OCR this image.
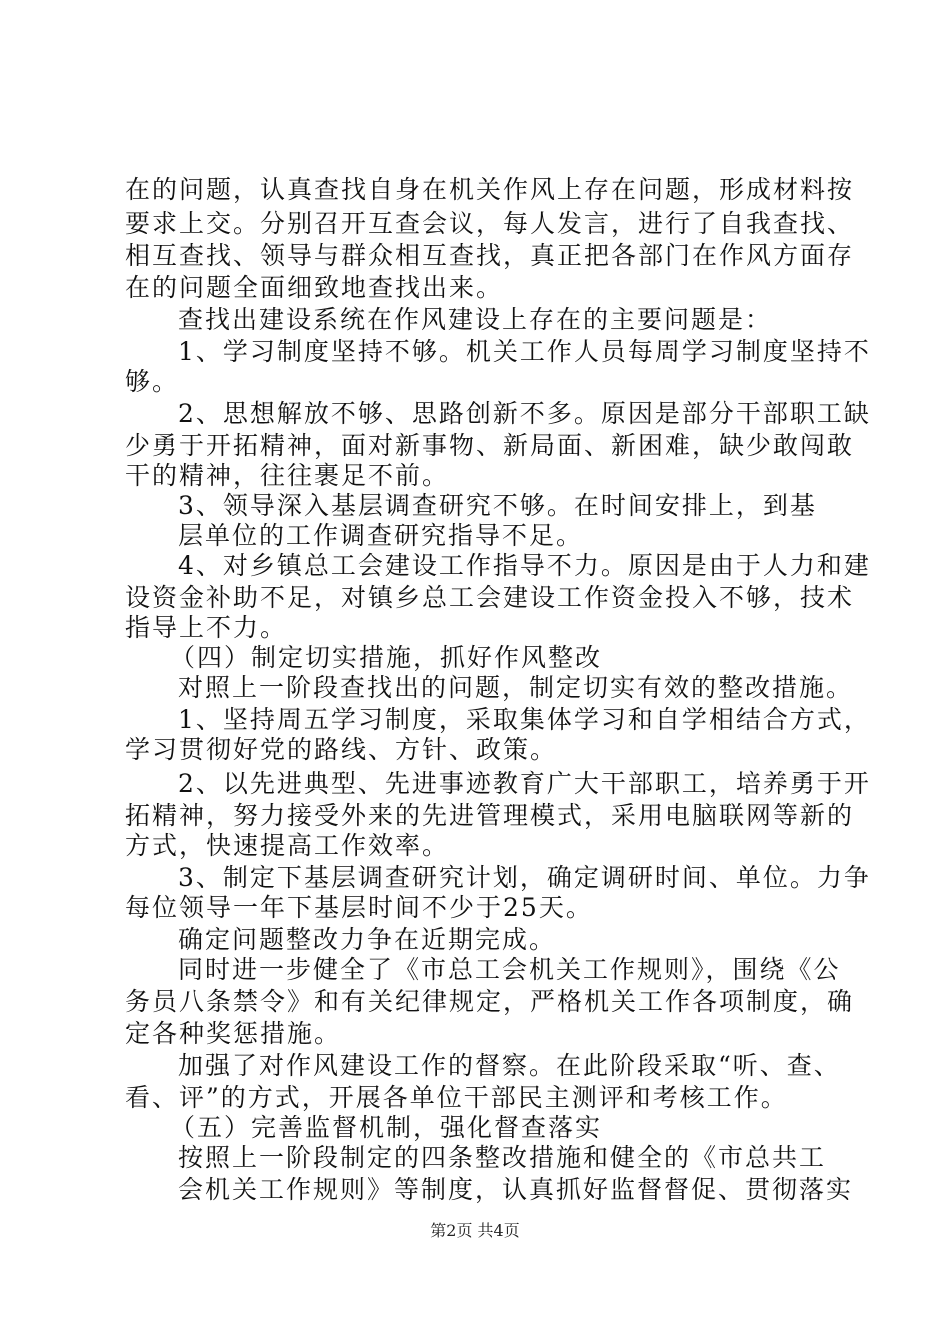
在的问题，认真查找自身在机关作风上存在问题，形成材料按
要求上交。分别召开互查会议，每人发言，进行了自我查找、
相互查找、领导与群众相互查找，真正把各部门在作风方面存
在的问题全面细致地查找出来。
查找出建设系统在作风建设上存在的主要问题是：
1、学习制度坚持不够。机关工作人员每周学习制度坚持不
够。
2、思想解放不够、思路创新不多。原因是部分干部职工缺
少勇于开拓精神，面对新事物、新局面、新困难，缺少敢闯敢
干的精神，往往裹足不前。
3、领导深入基层调查研究不够。在时间安排上，到基
层单位的工作调查研究指导不足。
4、对乡镇总工会建设工作指导不力。原因是由于人力和建
设资金补助不足，对镇乡总工会建设工作资金投入不够，技术
指导上不力。
（四）制定切实措施，抓好作风整改
对照上一阶段查找出的问题，制定切实有效的整改措施。
1、坚持周五学习制度，采取集体学习和自学相结合方式，
学习贯彻好党的路线、方针、政策。
2、以先进典型、先进事迹教育广大干部职工，培养勇于开
拓精神，努力接受外来的先进管理模式，采用电脑联网等新的
方式，快速提高工作效率。
3、制定下基层调查研究计划，确定调研时间、单位。力争
每位领导一年下基层时间不少于25天。
确定问题整改力争在近期完成。
同时进一步健全了《市总工会机关工作规则》，围绕《公
务员八条禁令》和有关纪律规定，严格机关工作各项制度，确
定各种奖惩措施。
加强了对作风建设工作的督察。在此阶段采取“听、查、
看、评”的方式，开展各单位干部民主测评和考核工作。
（五）完善监督机制，强化督查落实
按照上一阶段制定的四条整改措施和健全的《市总共工
会机关工作规则》等制度，认真抓好监督督促、贯彻落实
第2页 共4页
